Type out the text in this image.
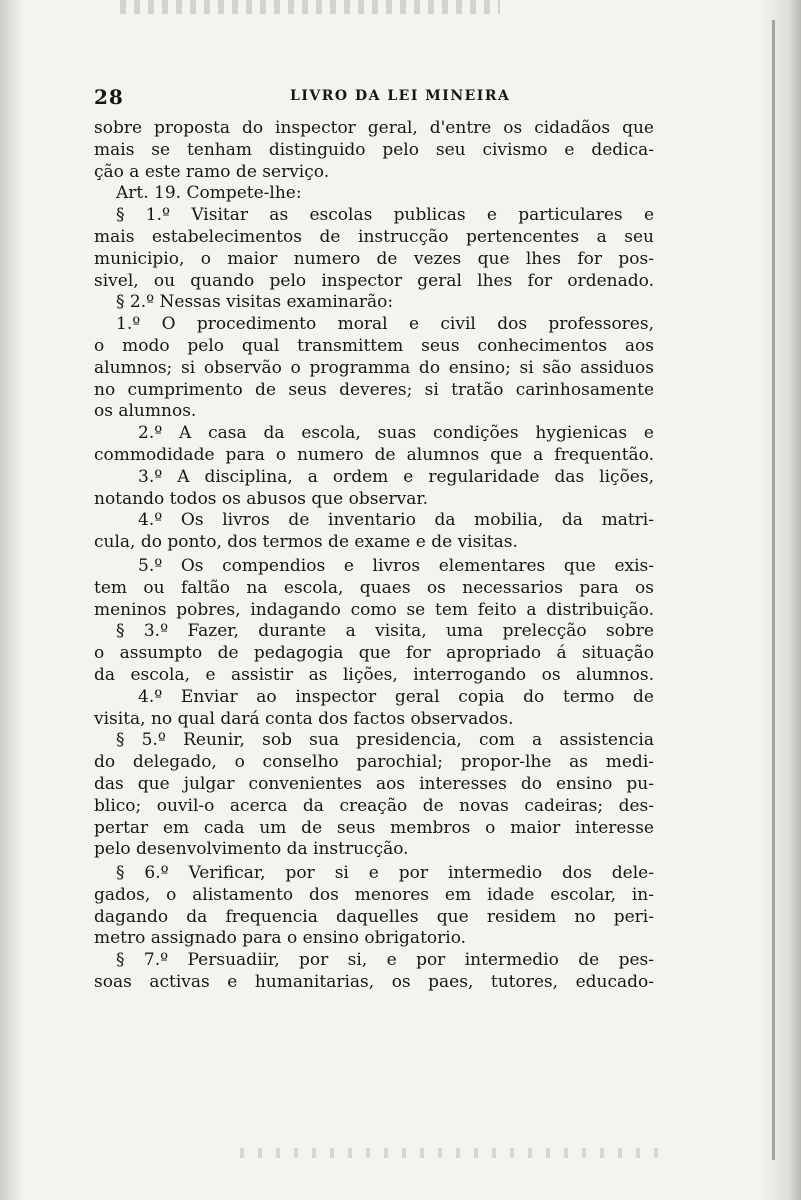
28	LIVRO DA LEI MINEIRA
sobre proposta do inspector geral, d'entre os cidadãos que
mais se tenham distinguido pelo seu civismo e dedica-
ção a este ramo de serviço.
Art. 19. Compete-lhe:
§ 1.º Visitar as escolas publicas e particulares e
mais estabelecimentos de instrucção pertencentes a seu
municipio, o maior numero de vezes que lhes for pos-
sivel, ou quando pelo inspector geral lhes for ordenado.
§ 2.º Nessas visitas examinarão:
1.º O procedimento moral e civil dos professores,
o modo pelo qual transmittem seus conhecimentos aos
alumnos; si observão o programma do ensino; si são assiduos
no cumprimento de seus deveres; si tratão carinhosamente
os alumnos.
2.º A casa da escola, suas condições hygienicas e
commodidade para o numero de alumnos que a frequentão.
3.º A disciplina, a ordem e regularidade das lições,
notando todos os abusos que observar.
4.º Os livros de inventario da mobilia, da matri-
cula, do ponto, dos termos de exame e de visitas.
5.º Os compendios e livros elementares que exis-
tem ou faltão na escola, quaes os necessarios para os
meninos pobres, indagando como se tem feito a distribuição.
§ 3.º Fazer, durante a visita, uma prelecção sobre
o assumpto de pedagogia que for apropriado á situação
da escola, e assistir as lições, interrogando os alumnos.
4.º Enviar ao inspector geral copia do termo de
visita, no qual dará conta dos factos observados.
§ 5.º Reunir, sob sua presidencia, com a assistencia
do delegado, o conselho parochial; propor-lhe as medi-
das que julgar convenientes aos interesses do ensino pu-
blico; ouvil-o acerca da creação de novas cadeiras; des-
pertar em cada um de seus membros o maior interesse
pelo desenvolvimento da instrucção.
§ 6.º Verificar, por si e por intermedio dos dele-
gados, o alistamento dos menores em idade escolar, in-
dagando da frequencia daquelles que residem no peri-
metro assignado para o ensino obrigatorio.
§ 7.º Persuadiir, por si, e por intermedio de pes-
soas activas e humanitarias, os paes, tutores, educado-
